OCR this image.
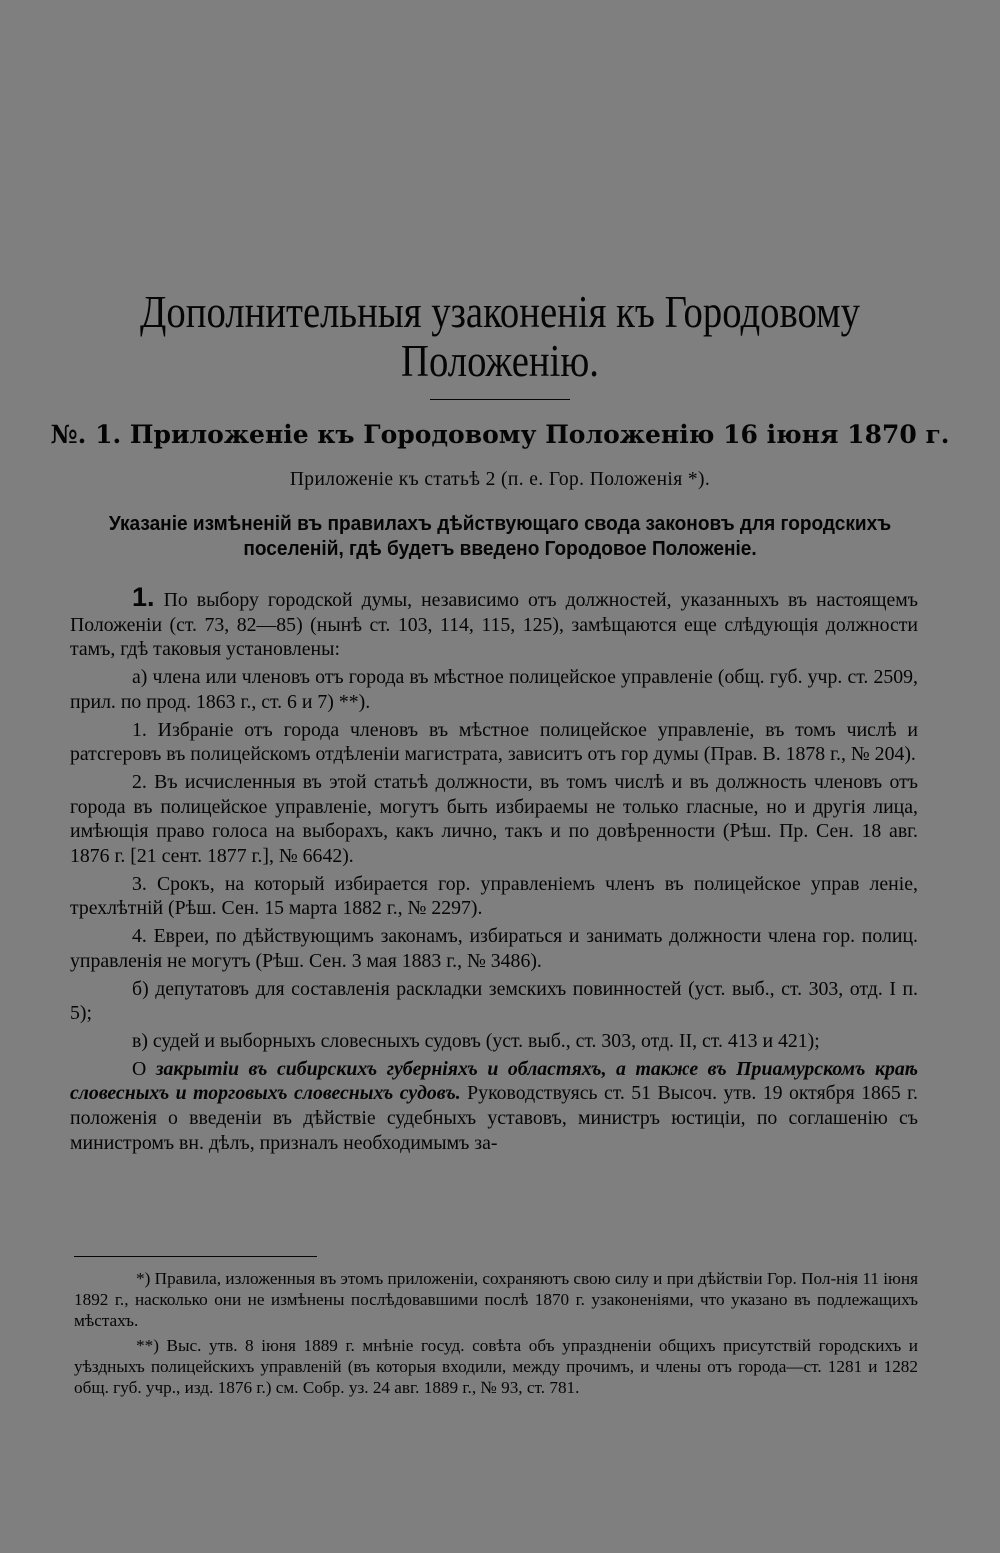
Дополнительныя узаконенія къ Городовому
Положенію.
№. 1. Приложеніе къ Городовому Положенію 16 іюня 1870 г.
Приложеніе къ статьѣ 2 (п. е. Гор. Положенія *).
Указаніе измѣненій въ правилахъ дѣйствующаго свода законовъ для городскихъ
поселеній, гдѣ будетъ введено Городовое Положеніе.

1. По выбору городской думы, независимо отъ должностей, указанныхъ въ настоящемъ Положеніи (ст. 73, 82—85) (нынѣ ст. 103, 114, 115, 125), замѣщаются еще слѣдующія должности тамъ, гдѣ таковыя установлены:

а) члена или членовъ отъ города въ мѣстное полицейское управленіе (общ. губ. учр. ст. 2509, прил. по прод. 1863 г., ст. 6 и 7) **).

1. Избраніе отъ города членовъ въ мѣстное полицейское управленіе, въ томъ числѣ и ратсгеровъ въ полицейскомъ отдѣленіи магистрата, зависитъ отъ гор думы (Прав. В. 1878 г., № 204).

2. Въ исчисленныя въ этой статьѣ должности, въ томъ числѣ и въ должность членовъ отъ города въ полицейское управленіе, могутъ быть избираемы не только гласные, но и другія лица, имѣющія право голоса на выборахъ, какъ лично, такъ и по довѣренности (Рѣш. Пр. Сен. 18 авг. 1876 г. [21 сент. 1877 г.], № 6642).

3. Срокъ, на который избирается гор. управленіемъ членъ въ полицейское управ леніе, трехлѣтній (Рѣш. Сен. 15 марта 1882 г., № 2297).

4. Евреи, по дѣйствующимъ законамъ, избираться и занимать должности члена гор. полиц. управленія не могутъ (Рѣш. Сен. 3 мая 1883 г., № 3486).

б) депутатовъ для составленія раскладки земскихъ повинностей (уст. выб., ст. 303, отд. I п. 5);

в) судей и выборныхъ словесныхъ судовъ (уст. выб., ст. 303, отд. II, ст. 413 и 421);

О закрытіи въ сибирскихъ губерніяхъ и областяхъ, а также въ Приамурскомъ краѣ словесныхъ и торговыхъ словесныхъ судовъ. Руководствуясь ст. 51 Высоч. утв. 19 октября 1865 г. положенія о введеніи въ дѣйствіе судебныхъ уставовъ, министръ юстиціи, по соглашенію съ министромъ вн. дѣлъ, призналъ необходимымъ за-

*) Правила, изложенныя въ этомъ приложеніи, сохраняютъ свою силу и при дѣйствіи Гор. Пол-нія 11 іюня 1892 г., насколько они не измѣнены послѣдовавшими послѣ 1870 г. узаконеніями, что указано въ подлежащихъ мѣстахъ.

**) Выс. утв. 8 іюня 1889 г. мнѣніе госуд. совѣта объ упраздненіи общихъ присутствій городскихъ и уѣздныхъ полицейскихъ управленій (въ которыя входили, между прочимъ, и члены отъ города—ст. 1281 и 1282 общ. губ. учр., изд. 1876 г.) см. Собр. уз. 24 авг. 1889 г., № 93, ст. 781.
